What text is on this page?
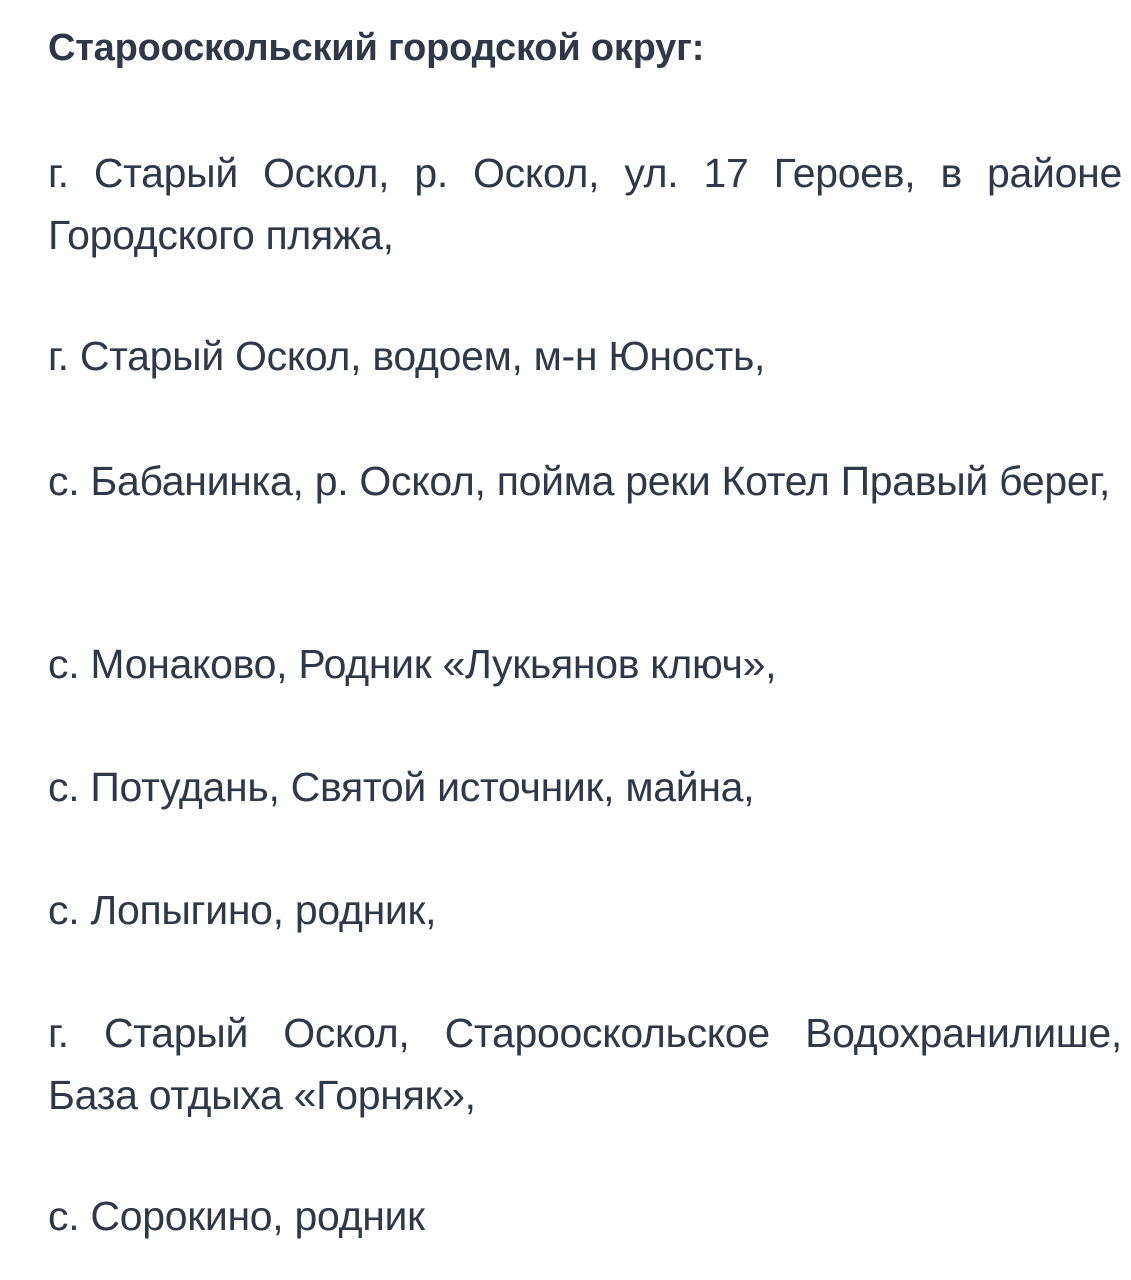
Старооскольский городской округ:

г. Старый Оскол, р. Оскол, ул. 17 Героев, в районе Городского пляжа,

г. Старый Оскол, водоем, м-н Юность,

с. Бабанинка, р. Оскол, пойма реки Котел Правый берег,

с. Монаково, Родник «Лукьянов ключ»,

с. Потудань, Святой источник, майна,

с. Лопыгино, родник,

г. Старый Оскол, Старооскольское Водохранилише, База отдыха «Горняк»,

с. Сорокино, родник
